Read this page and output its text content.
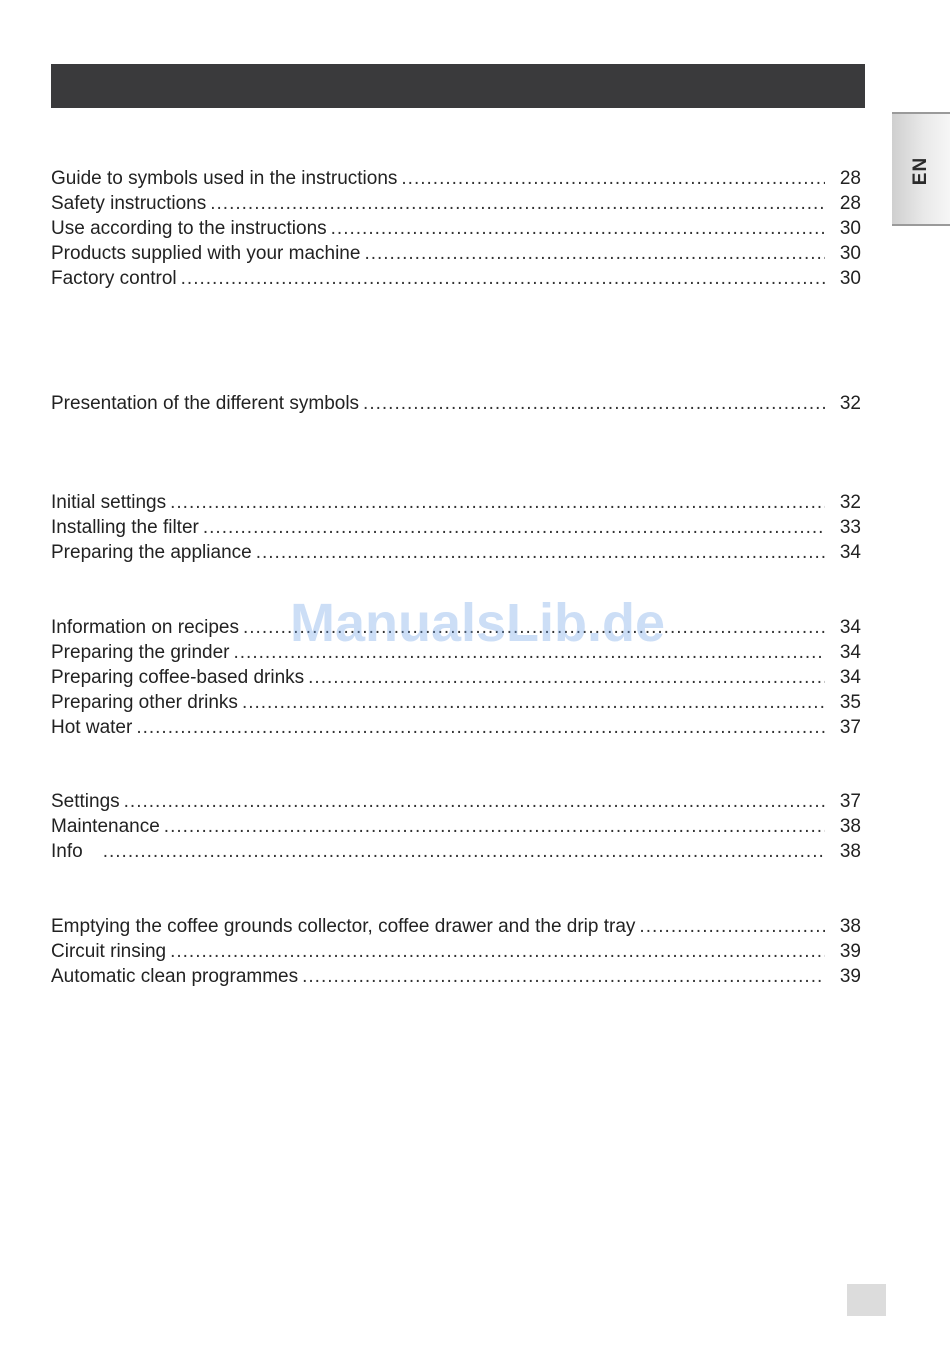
EN
Guide to symbols used in the instructions .....	28
Safety instructions .....	28
Use according to the instructions .....	30
Products supplied with your machine .....	30
Factory control .....	30
Presentation of the different symbols .....	32
Initial settings .....	32
Installing the filter .....	33
Preparing the appliance .....	34
Information on recipes .....	34
Preparing the grinder .....	34
Preparing coffee-based drinks .....	34
Preparing other drinks .....	35
Hot water .....	37
Settings .....	37
Maintenance .....	38
Info .....	38
Emptying the coffee grounds collector, coffee drawer and the drip tray .....	38
Circuit rinsing .....	39
Automatic clean programmes .....	39
ManualsLib.de
